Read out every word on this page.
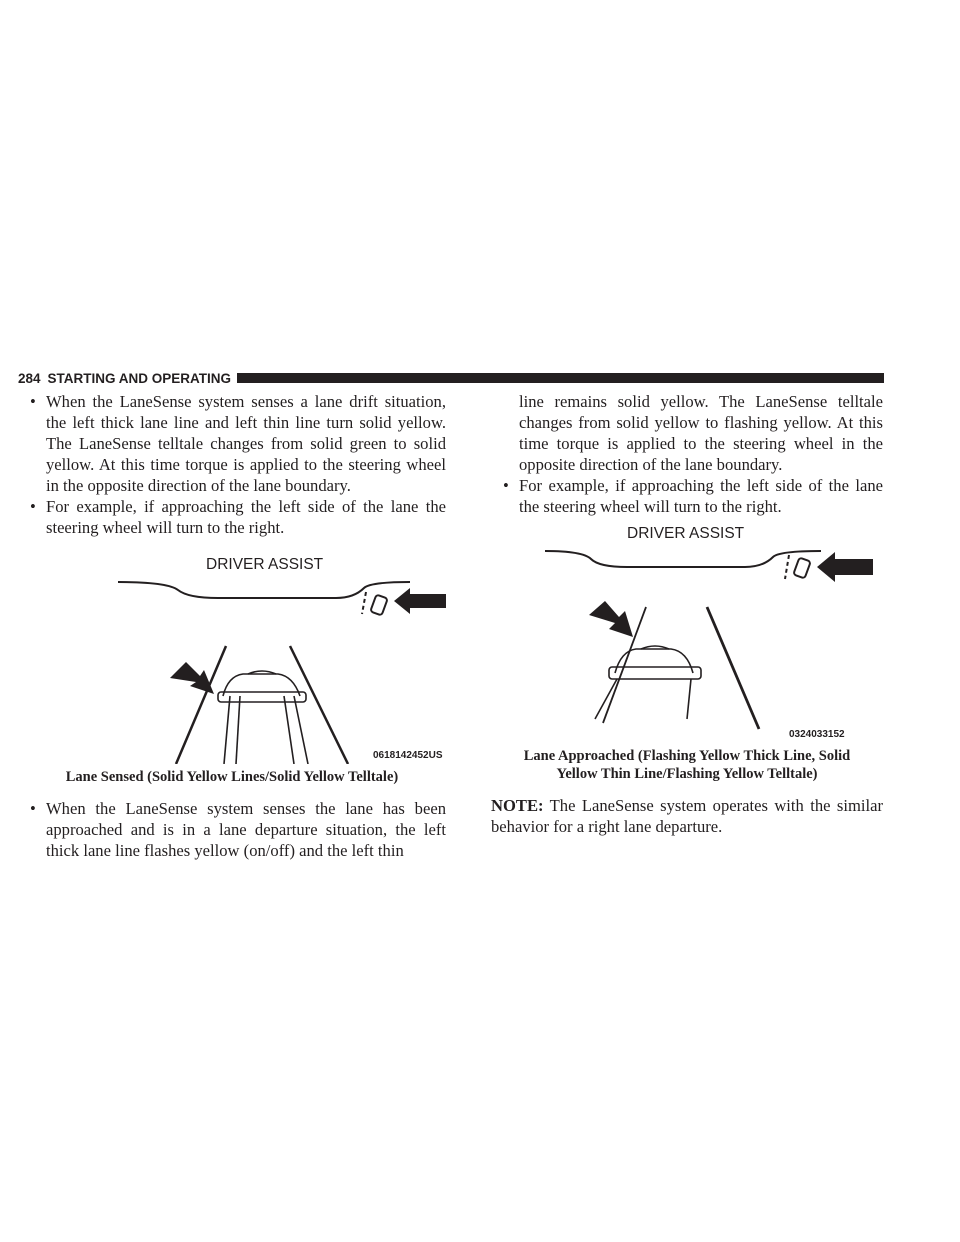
284 STARTING AND OPERATING
• When the LaneSense system senses a lane drift situation, the left thick lane line and left thin line turn solid yellow. The LaneSense telltale changes from solid green to solid yellow. At this time torque is applied to the steering wheel in the opposite direction of the lane boundary.
• For example, if approaching the left side of the lane the steering wheel will turn to the right.
DRIVER ASSIST
0618142452US
Lane Sensed (Solid Yellow Lines/Solid Yellow Telltale)
• When the LaneSense system senses the lane has been approached and is in a lane departure situation, the left thick lane line flashes yellow (on/off) and the left thin
line remains solid yellow. The LaneSense telltale changes from solid yellow to flashing yellow. At this time torque is applied to the steering wheel in the opposite direction of the lane boundary.
• For example, if approaching the left side of the lane the steering wheel will turn to the right.
DRIVER ASSIST
0324033152
Lane Approached (Flashing Yellow Thick Line, Solid
Yellow Thin Line/Flashing Yellow Telltale)
NOTE: The LaneSense system operates with the similar behavior for a right lane departure.
